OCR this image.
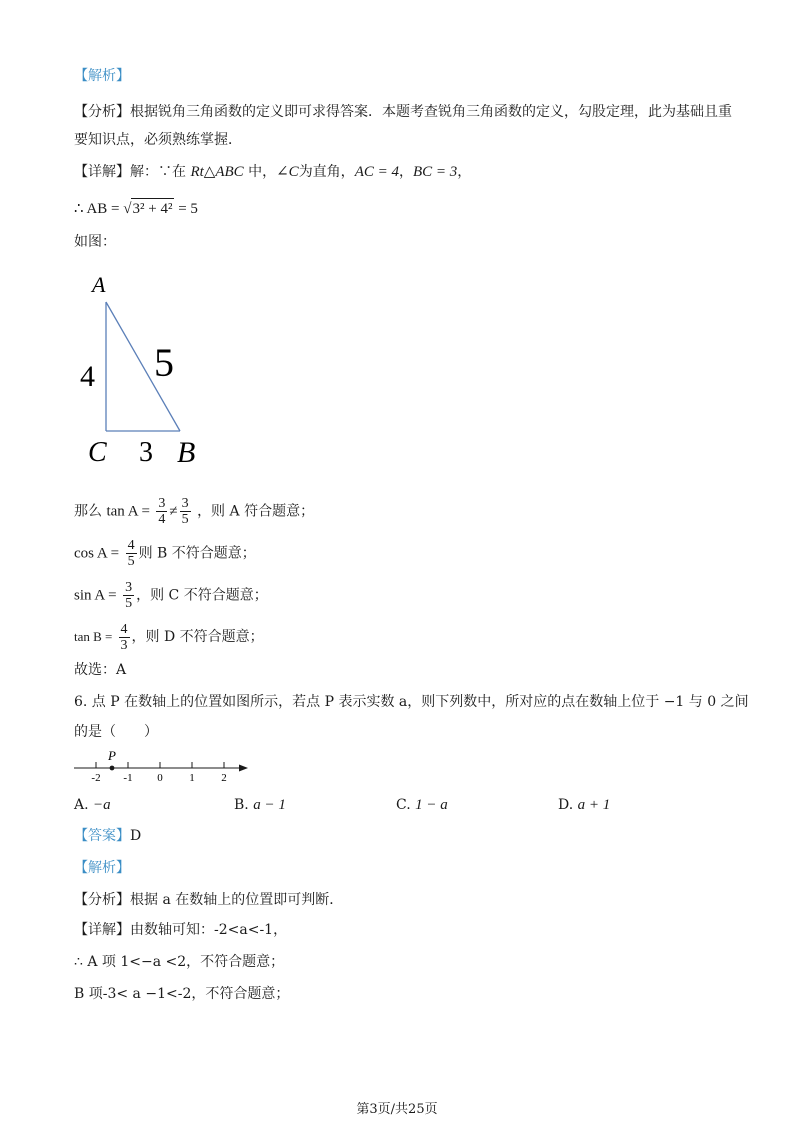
【解析】
【分析】根据锐角三角函数的定义即可求得答案．本题考查锐角三角函数的定义，勾股定理，此为基础且重
要知识点，必须熟练掌握．
【详解】解：∵在 Rt△ABC 中，∠C为直角，AC = 4，BC = 3，
∴ AB = √3² + 4² = 5
如图：
A
4 5
C 3 B
那么 $\tan A = \frac{3}{4} \ne \frac{3}{5}$ ，则 A 符合题意；
$\cos A = \frac{4}{5}$ 则 B 不符合题意；
$\sin A = \frac{3}{5}$ ，则 C 不符合题意；
$\tan B = \frac{4}{3}$ ，则 D 不符合题意；
故选：A
6. 点 P 在数轴上的位置如图所示，若点 P 表示实数 a，则下列数中，所对应的点在数轴上位于 −1 与 0 之间
的是（　　）
-2 -1 0 1 2
P
A. −a	B. a − 1	C. 1 − a	D. a + 1
【答案】D
【解析】
【分析】根据 a 在数轴上的位置即可判断．
【详解】由数轴可知：-2<a<-1，
∴ A 项 1<−a <2，不符合题意；
B 项-3< a −1<-2，不符合题意；
第3页/共25页
